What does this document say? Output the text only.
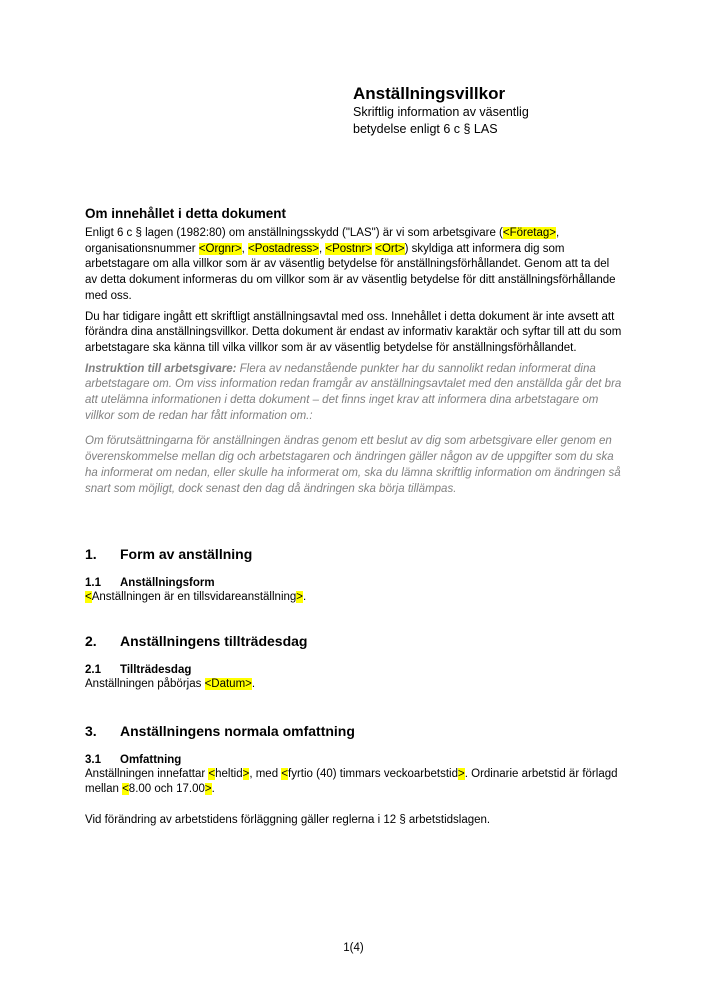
Anställningsvillkor
Skriftlig information av väsentlig
betydelse enligt 6 c § LAS
Om innehållet i detta dokument

Enligt 6 c § lagen (1982:80) om anställningsskydd ("LAS") är vi som arbetsgivare (<Företag>, organisationsnummer <Orgnr>, <Postadress>, <Postnr> <Ort>) skyldiga att informera dig som arbetstagare om alla villkor som är av väsentlig betydelse för anställningsförhållandet. Genom att ta del av detta dokument informeras du om villkor som är av väsentlig betydelse för ditt anställningsförhållande med oss.

Du har tidigare ingått ett skriftligt anställningsavtal med oss. Innehållet i detta dokument är inte avsett att förändra dina anställningsvillkor. Detta dokument är endast av informativ karaktär och syftar till att du som arbetstagare ska känna till vilka villkor som är av väsentlig betydelse för anställningsförhållandet.

Instruktion till arbetsgivare: Flera av nedanstående punkter har du sannolikt redan informerat dina arbetstagare om. Om viss information redan framgår av anställningsavtalet med den anställda går det bra att utelämna informationen i detta dokument – det finns inget krav att informera dina arbetstagare om villkor som de redan har fått information om.:

Om förutsättningarna för anställningen ändras genom ett beslut av dig som arbetsgivare eller genom en överenskommelse mellan dig och arbetstagaren och ändringen gäller någon av de uppgifter som du ska ha informerat om nedan, eller skulle ha informerat om, ska du lämna skriftlig information om ändringen så snart som möjligt, dock senast den dag då ändringen ska börja tillämpas.

1.	Form av anställning
1.1	Anställningsform

<Anställningen är en tillsvidareanställning>.

2.	Anställningens tillträdesdag
2.1	Tillträdesdag

Anställningen påbörjas <Datum>.

3.	Anställningens normala omfattning
3.1	Omfattning

Anställningen innefattar <heltid>, med <fyrtio (40) timmars veckoarbetstid>. Ordinarie arbetstid är förlagd mellan <8.00 och 17.00>.

Vid förändring av arbetstidens förläggning gäller reglerna i 12 § arbetstidslagen.

1(4)
